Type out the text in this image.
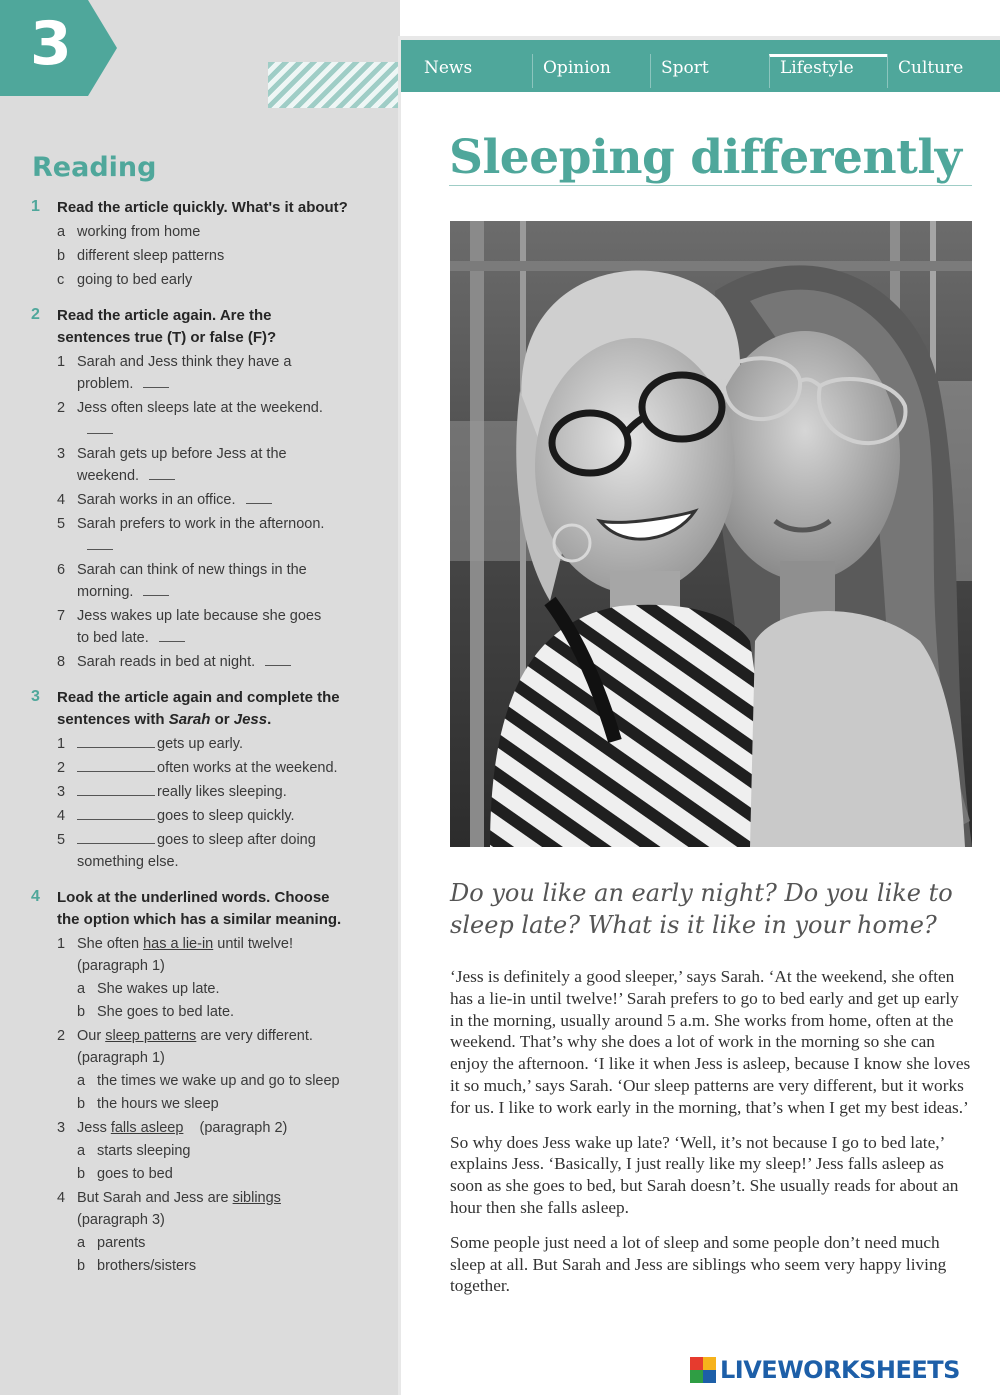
3
Reading
1 Read the article quickly. What's it about?
a working from home
b different sleep patterns
c going to bed early
2 Read the article again. Are the sentences true (T) or false (F)?
1 Sarah and Jess think they have a problem.
2 Jess often sleeps late at the weekend.
3 Sarah gets up before Jess at the weekend.
4 Sarah works in an office.
5 Sarah prefers to work in the afternoon.
6 Sarah can think of new things in the morning.
7 Jess wakes up late because she goes to bed late.
8 Sarah reads in bed at night.
3 Read the article again and complete the sentences with Sarah or Jess.
1	gets up early.
2	often works at the weekend.
3	really likes sleeping.
4	goes to sleep quickly.
5	goes to sleep after doing something else.
4 Look at the underlined words. Choose the option which has a similar meaning.
1 She often has a lie-in until twelve! (paragraph 1)
a She wakes up late.
b She goes to bed late.
2 Our sleep patterns are very different. (paragraph 1)
a the times we wake up and go to sleep
b the hours we sleep
3 Jess falls asleep    (paragraph 2)
a starts sleeping
b goes to bed
4 But Sarah and Jess are siblings (paragraph 3)
a parents
b brothers/sisters
News	Opinion	Sport	Lifestyle	Culture
Sleeping differently
Do you like an early night? Do you like to sleep late? What is it like in your home?

‘Jess is definitely a good sleeper,’ says Sarah. ‘At the weekend, she often has a lie-in until twelve!’ Sarah prefers to go to bed early and get up early in the morning, usually around 5 a.m. She works from home, often at the weekend. That’s why she does a lot of work in the morning so she can enjoy the afternoon. ‘I like it when Jess is asleep, because I know she loves it so much,’ says Sarah. ‘Our sleep patterns are very different, but it works for us. I like to work early in the morning, that’s when I get my best ideas.’

So why does Jess wake up late? ‘Well, it’s not because I go to bed late,’ explains Jess. ‘Basically, I just really like my sleep!’ Jess falls asleep as soon as she goes to bed, but Sarah doesn’t. She usually reads for about an hour then she falls asleep.

Some people just need a lot of sleep and some people don’t need much sleep at all. But Sarah and Jess are siblings who seem very happy living together.

LIVEWORKSHEETS
